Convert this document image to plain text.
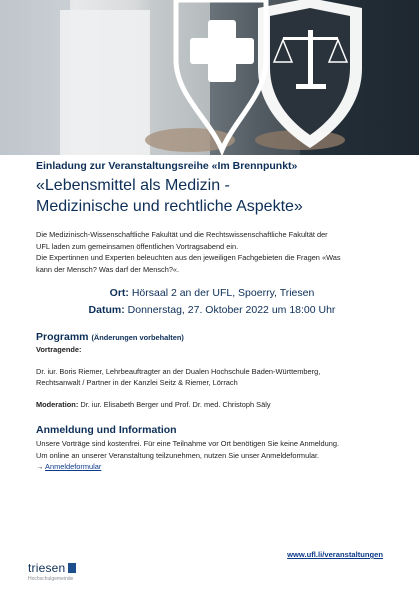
Einladung zur Veranstaltungsreihe «Im Brennpunkt»
«Lebensmittel als Medizin -
Medizinische und rechtliche Aspekte»
Die Medizinisch-Wissenschaftliche Fakultät und die Rechtswissenschaftliche Fakultät der
UFL laden zum gemeinsamen öffentlichen Vortragsabend ein.
Die Expertinnen und Experten beleuchten aus den jeweiligen Fachgebieten die Fragen «Was
kann der Mensch? Was darf der Mensch?«.
Ort: Hörsaal 2 an der UFL, Spoerry, Triesen
Datum: Donnerstag, 27. Oktober 2022 um 18:00 Uhr
Programm (Änderungen vorbehalten)
Vortragende:
Dr. iur. Boris Riemer, Lehrbeauftragter an der Dualen Hochschule Baden-Württemberg,
Rechtsanwalt / Partner in der Kanzlei Seitz & Riemer, Lörrach
Moderation: Dr. iur. Elisabeth Berger und Prof. Dr. med. Christoph Säly
Anmeldung und Information
Unsere Vorträge sind kostenfrei. Für eine Teilnahme vor Ort benötigen Sie keine Anmeldung.
Um online an unserer Veranstaltung teilzunehmen, nutzen Sie unser Anmeldeformular.
→ Anmeldeformular
www.ufl.li/veranstaltungen
triesen
Hochschulgemeinde
